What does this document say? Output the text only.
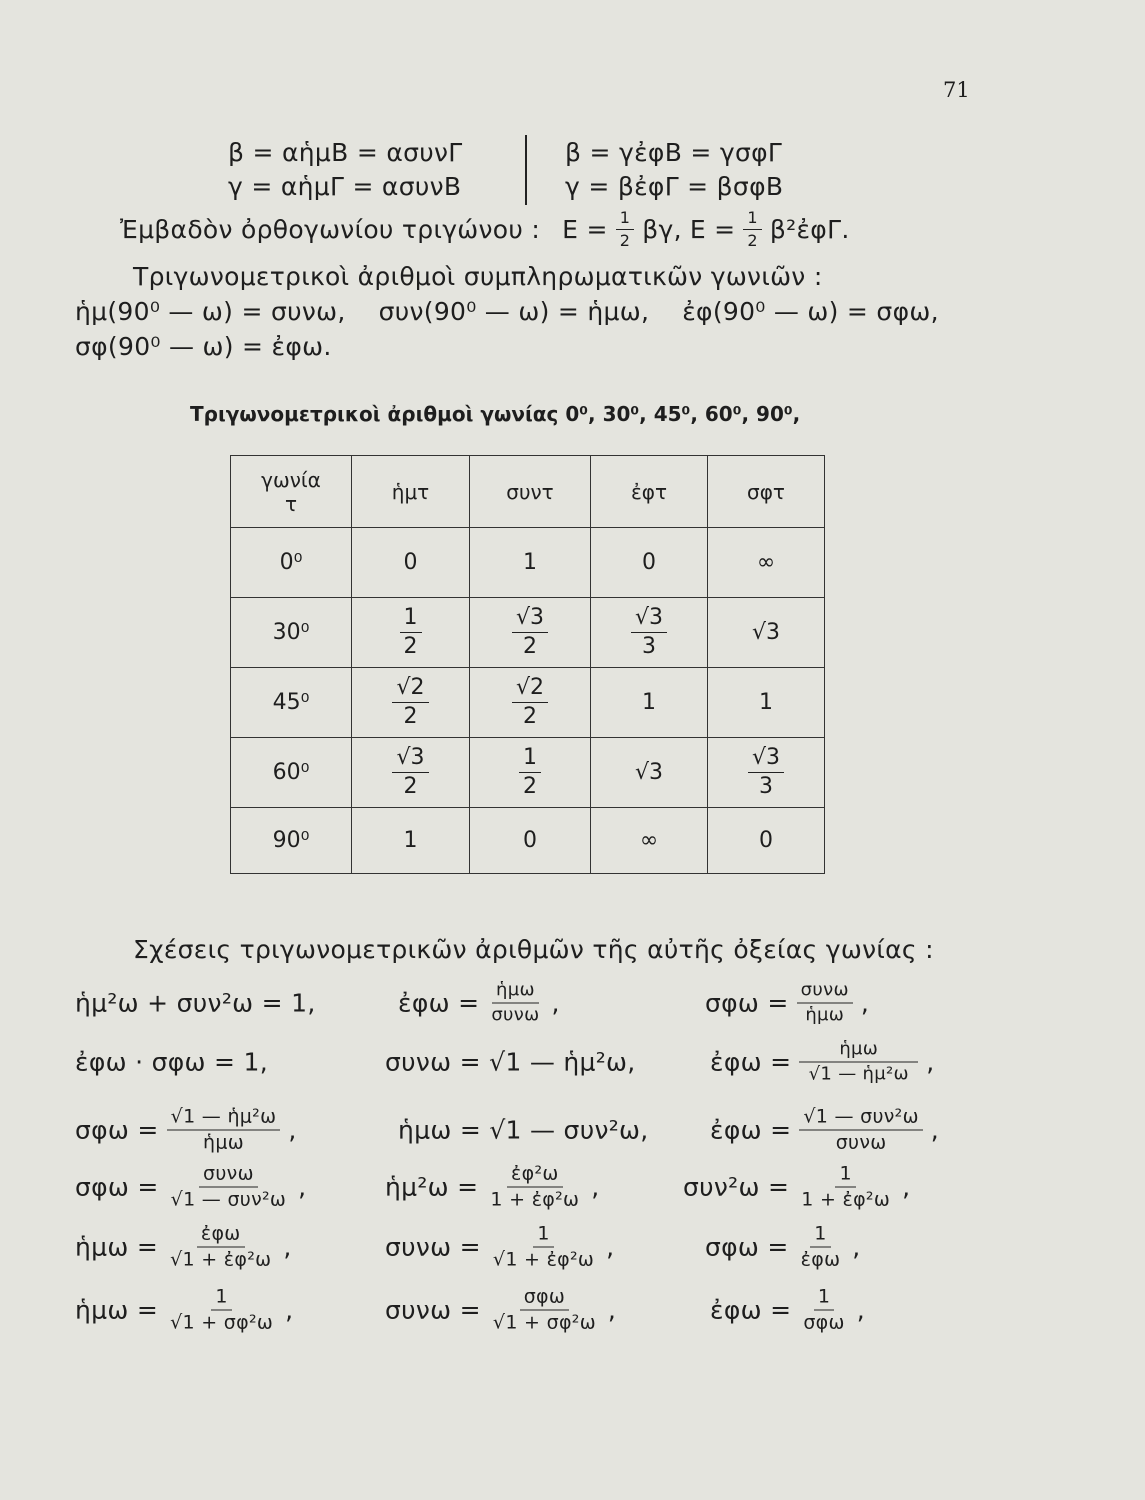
71
β = αἡμΒ = ασυνΓ
γ = αἡμΓ = ασυνΒ
β = γἐφΒ = γσφΓ
γ = βἐφΓ = βσφΒ
Ἐμβαδὸν ὀρθογωνίου τριγώνου : $E = \frac{1}{2} \beta\gamma$, $E = \frac{1}{2}$ β²ἐφΓ.
Τριγωνομετρικοὶ ἀριθμοὶ συμπληρωματικῶν γωνιῶν :
ἡμ(90⁰ — ω) = συνω,    συν(90⁰ — ω) = ἡμω,    ἐφ(90⁰ — ω) = σφω,
σφ(90⁰ — ω) = ἐφω.
Τριγωνομετρικοὶ ἀριθμοὶ γωνίας 0⁰, 30⁰, 45⁰, 60⁰, 90⁰,
γωνία
τ	ἡμτ	συντ	ἐφτ	σφτ
0⁰	0	1	0	∞
30⁰	$\frac{1}{2}$	$\frac{√3}{2}$	$\frac{√3}{3}$	√3
45⁰	$\frac{√2}{2}$	$\frac{√2}{2}$	1	1
60⁰	$\frac{√3}{2}$	$\frac{1}{2}$	√3	$\frac{√3}{3}$

90⁰	1	0	∞	0
Σχέσεις τριγωνομετρικῶν ἀριθμῶν τῆς αὐτῆς ὀξείας γωνίας :
ἡμ²ω + συν²ω = 1,	ἐφω = $\frac{\text{ἡμω}}{\text{συνω}}$ ,	$\sigma\varphi\omega = \frac{\text{συνω}}{\text{ἡμω}}$ ,
ἐφω · σφω = 1,	συνω = √1 — ἡμ²ω,	ἐφω = $\frac{\text{ἡμω}}{\text{√1 — ἡμ²ω}}$ ,
$\sigma\varphi\omega = \frac{\text{√1 — ἡμ²ω}}{\text{ἡμω}}$ ,	ἡμω = √1 — συν²ω, ἐφω = $\frac{\text{√1 — συν²ω}}{\text{συνω}}$ ,
$\sigma\varphi\omega = \frac{\text{συνω}}{\text{√1 — συν²ω}}$ ,	ἡμ²ω = $\frac{\text{ἐφ²ω}}{\text{1 + ἐφ²ω}}$ ,	$\sigma\upsilon\nu^2\omega = \frac{1}{\text{1 + ἐφ²ω}}$ ,
ἡμω = $\frac{\text{ἐφω}}{\text{√1 + ἐφ²ω}}$ ,	$\sigma\upsilon\nu\omega = \frac{1}{\text{√1 + ἐφ²ω}}$ ,	$\sigma\varphi\omega = \frac{1}{\text{ἐφω}}$ ,
ἡμω = $\frac{1}{\text{√1 + σφ²ω}}$ ,	$\sigma\upsilon\nu\omega = \frac{\text{σφω}}{\text{√1 + σφ²ω}}$ ,	ἐφω = $\frac{1}{\text{σφω}}$ ,
